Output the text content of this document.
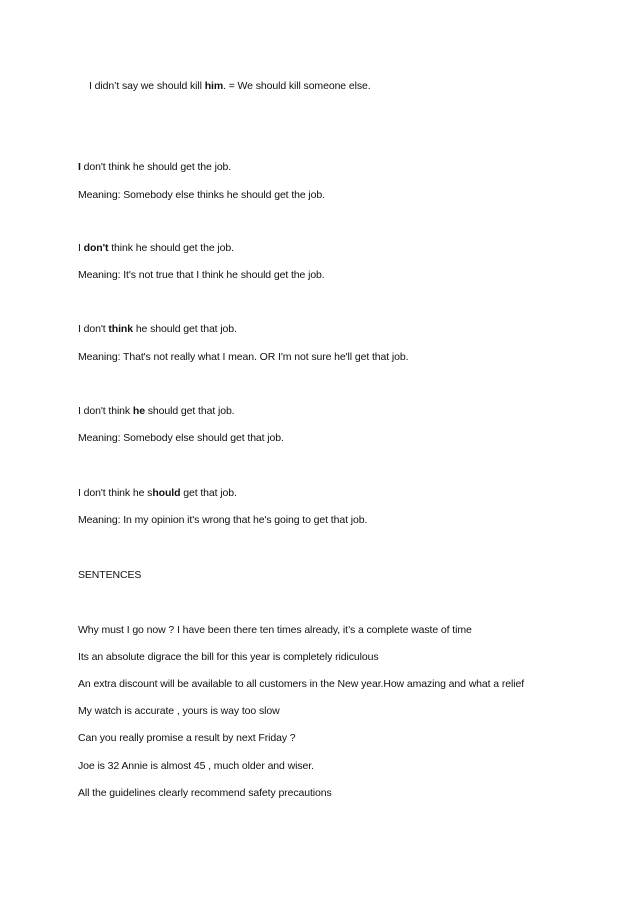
I didn’t say we should kill him. = We should kill someone else.
I don't think he should get the job.
Meaning: Somebody else thinks he should get the job.
I don't think he should get the job.
Meaning: It's not true that I think he should get the job.
I don't think he should get that job.
Meaning: That's not really what I mean. OR I'm not sure he'll get that job.
I don't think he should get that job.
Meaning: Somebody else should get that job.
I don't think he should get that job.
Meaning: In my opinion it's wrong that he's going to get that job.
SENTENCES
Why must I go now ? I have been there ten times already, it’s a complete waste of time
Its an absolute digrace the bill for this year is completely ridiculous
An extra discount will be available to all customers in the New year.How amazing and what a relief
My watch is accurate , yours is way too slow
Can you really promise a result by next Friday ?
Joe is 32 Annie is almost 45 , much older and wiser.
All the guidelines clearly recommend safety precautions
